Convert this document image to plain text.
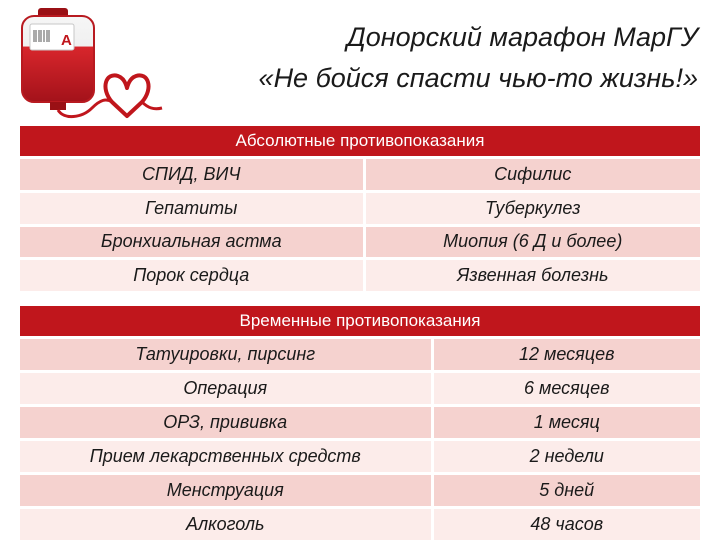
A	Донорский марафон МарГУ
«Не бойся спасти чью-то жизнь!»
Абсолютные противопоказания	
СПИД, ВИЧ	Сифилис
Гепатиты	Туберкулез
Бронхиальная астма	Миопия (6 Д и более)
Порок сердца	Язвенная болезнь
Временные противопоказания	
Татуировки, пирсинг	12 месяцев
Операция	6 месяцев
ОРЗ, прививка	1 месяц
Прием лекарственных средств	2 недели
Менструация	5 дней
Алкоголь	48 часов
